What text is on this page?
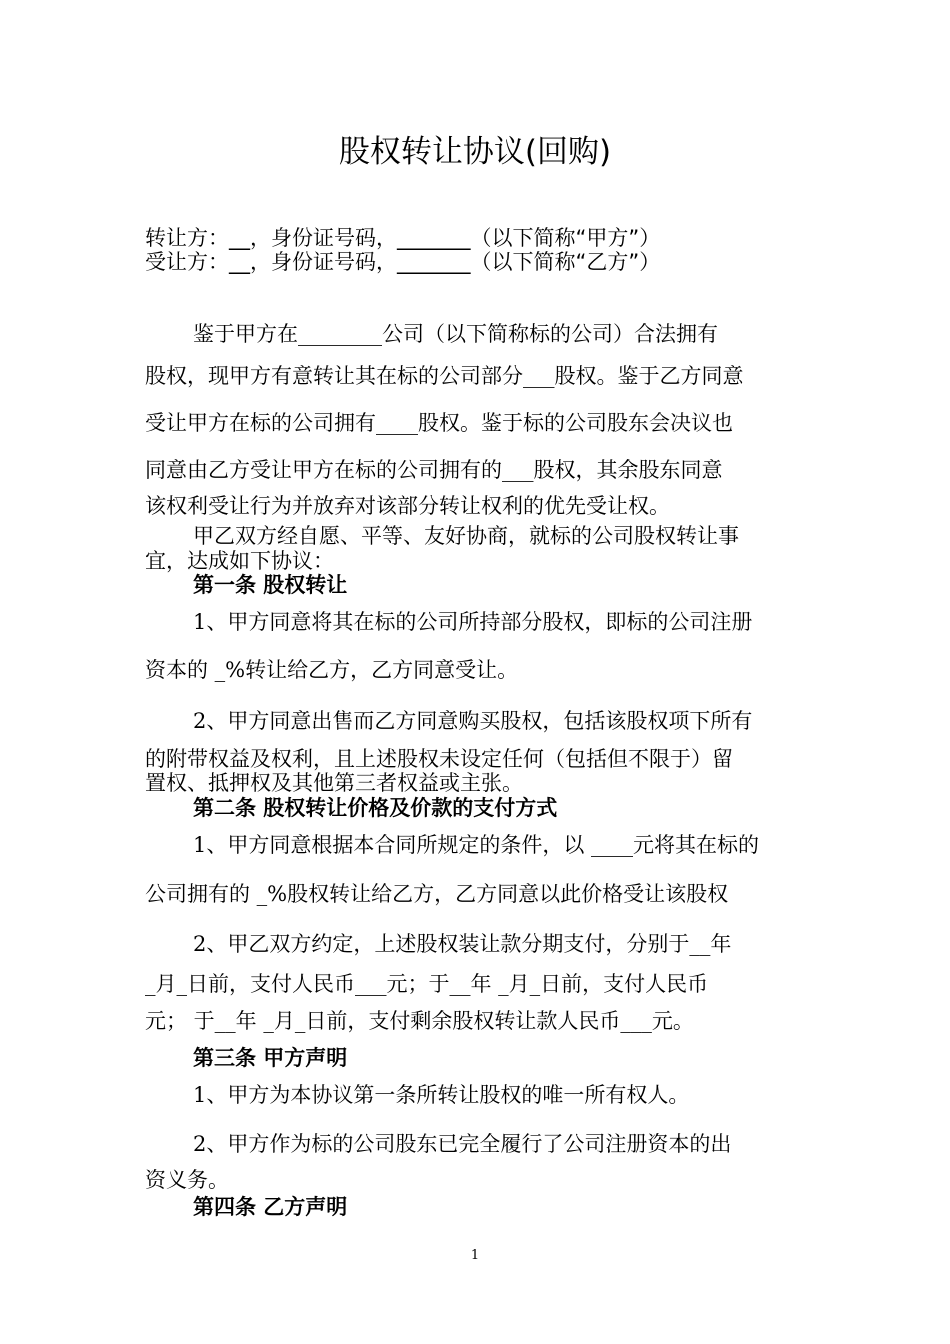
股权转让协议(回购)
转让方：__，身份证号码，_______（以下简称“甲方”）
受让方：__，身份证号码，_______（以下简称“乙方”）
鉴于甲方在________公司（以下简称标的公司）合法拥有
股权，现甲方有意转让其在标的公司部分___股权。鉴于乙方同意
受让甲方在标的公司拥有____股权。鉴于标的公司股东会决议也
同意由乙方受让甲方在标的公司拥有的___股权，其余股东同意
该权利受让行为并放弃对该部分转让权利的优先受让权。
甲乙双方经自愿、平等、友好协商，就标的公司股权转让事
宜，达成如下协议：
第一条 股权转让
1、甲方同意将其在标的公司所持部分股权，即标的公司注册
资本的 _%转让给乙方，乙方同意受让。
2、甲方同意出售而乙方同意购买股权，包括该股权项下所有
的附带权益及权利，且上述股权未设定任何（包括但不限于）留
置权、抵押权及其他第三者权益或主张。
第二条 股权转让价格及价款的支付方式
1、甲方同意根据本合同所规定的条件，以 ____元将其在标的
公司拥有的 _%股权转让给乙方，乙方同意以此价格受让该股权
2、甲乙双方约定，上述股权装让款分期支付，分别于__年
_月_日前，支付人民币___元；于__年 _月_日前，支付人民币
元； 于__年 _月_日前，支付剩余股权转让款人民币___元。
第三条 甲方声明
1、甲方为本协议第一条所转让股权的唯一所有权人。
2、甲方作为标的公司股东已完全履行了公司注册资本的出
资义务。
第四条 乙方声明
1
